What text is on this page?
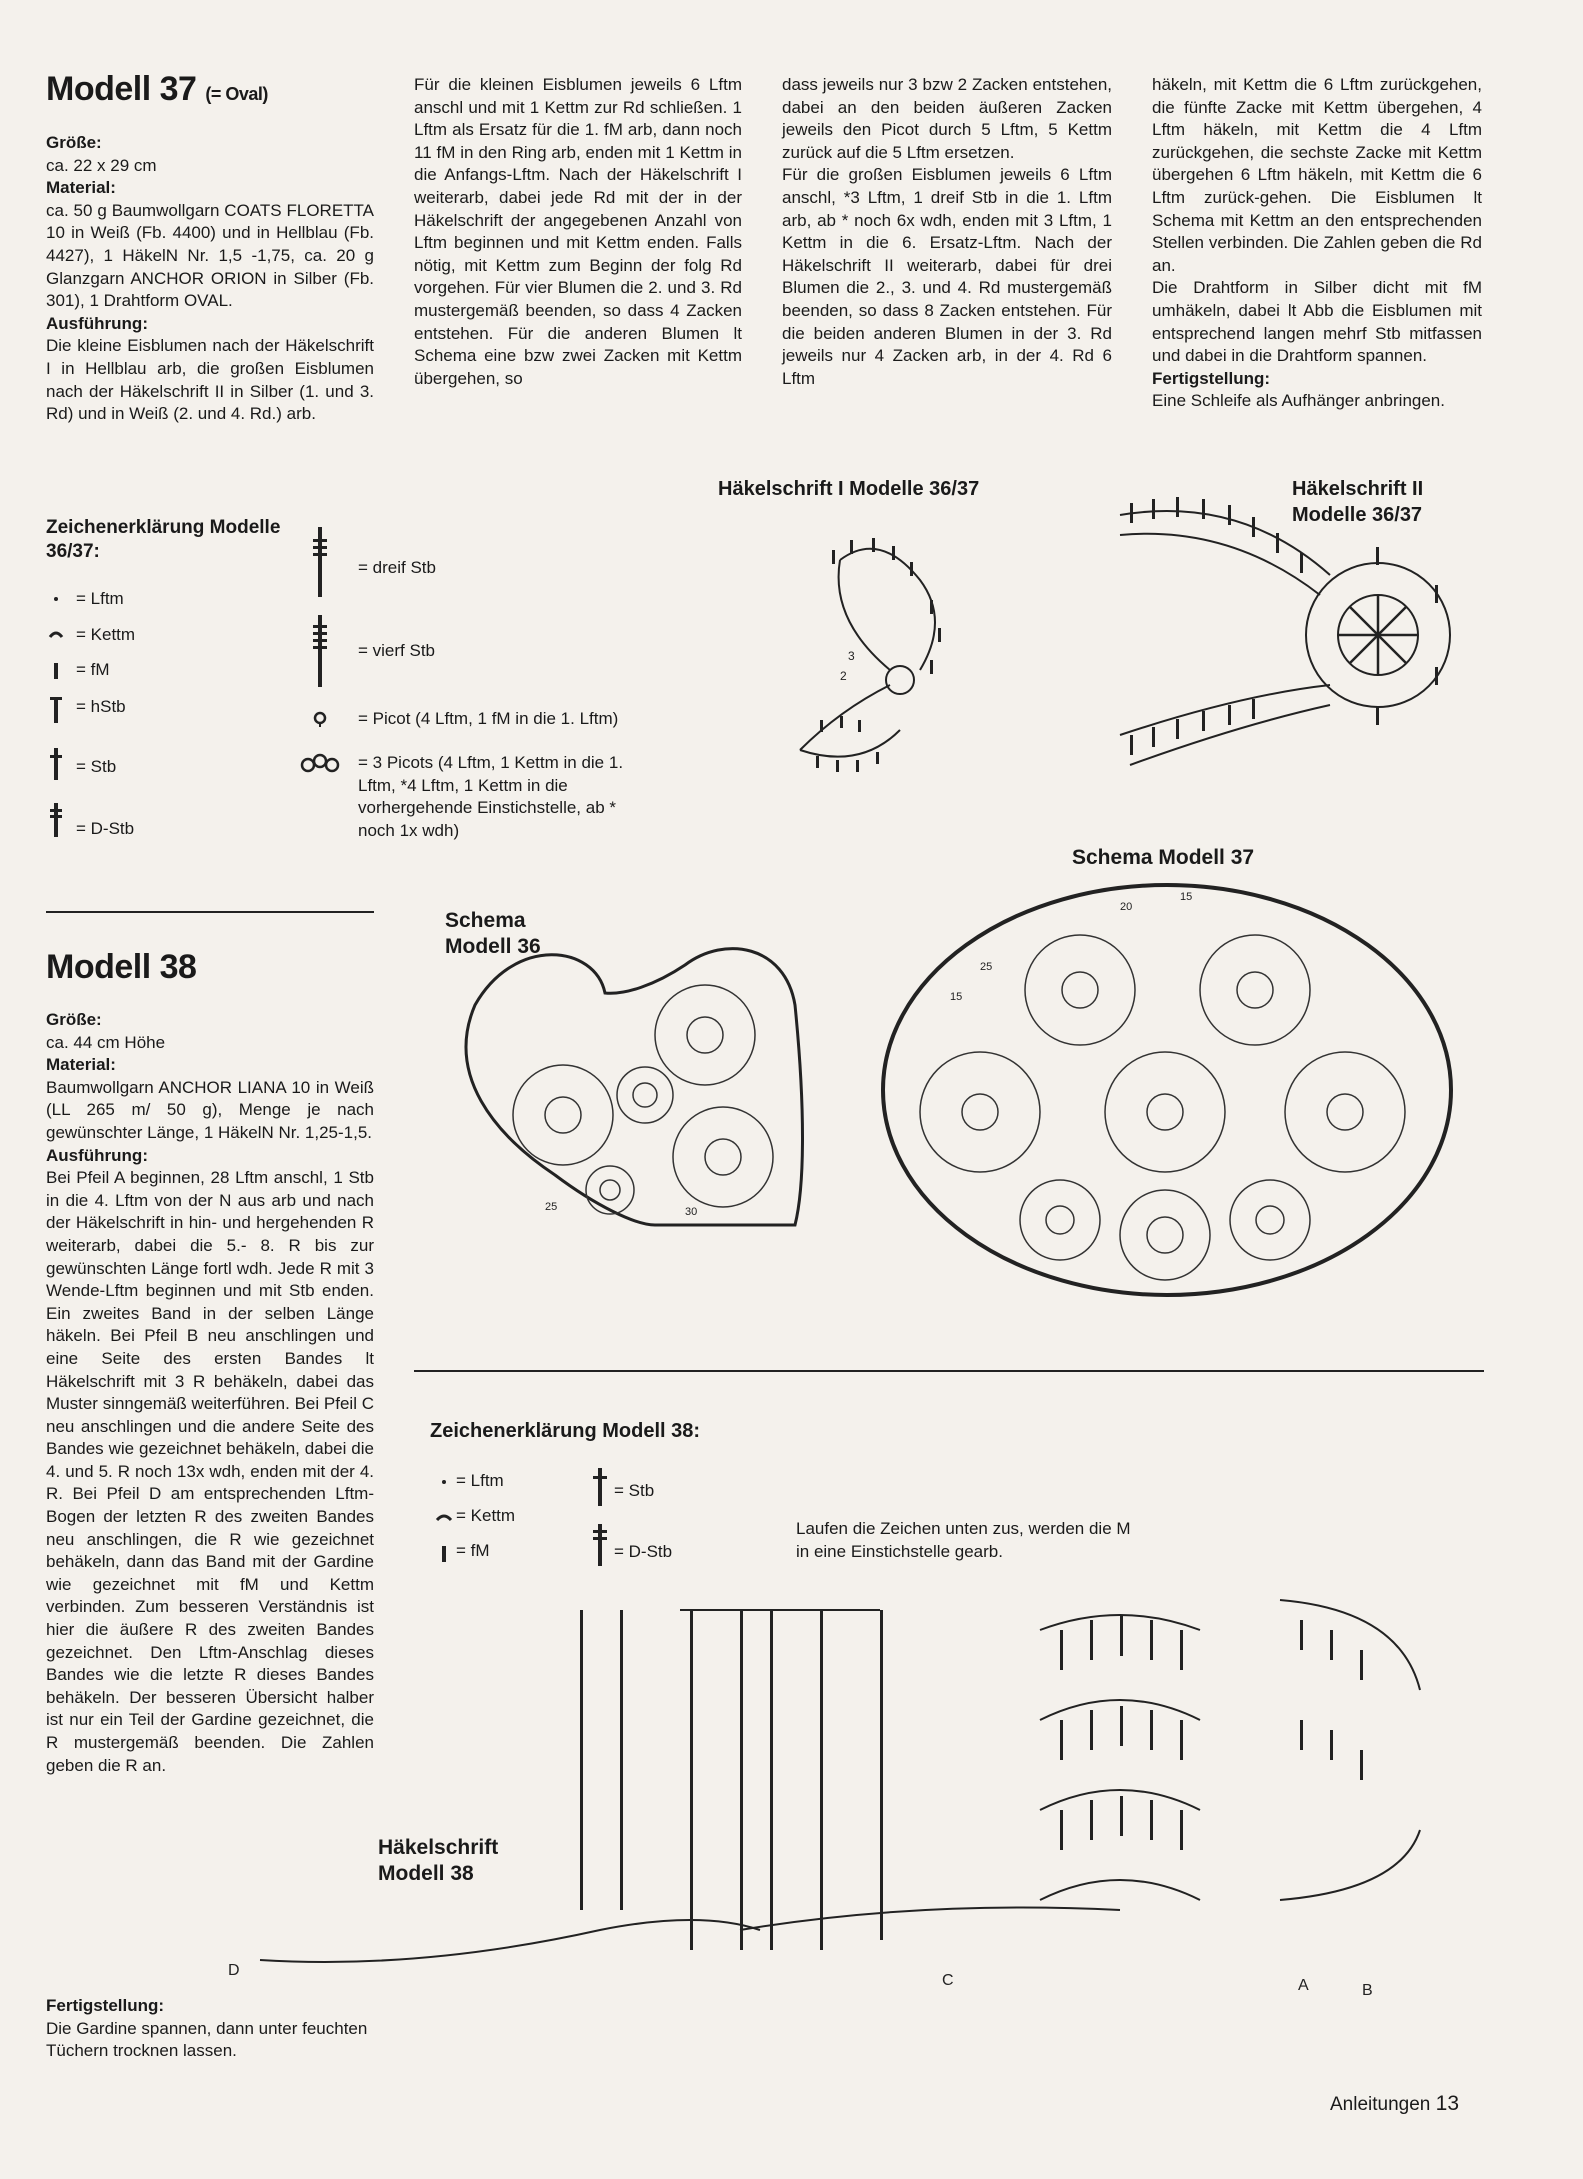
Modell 37 (= Oval)
Größe:
ca. 22 x 29 cm
Material:

ca. 50 g Baumwollgarn COATS FLORETTA 10 in Weiß (Fb. 4400) und in Hellblau (Fb. 4427), 1 HäkelN Nr. 1,5 -1,75, ca. 20 g Glanzgarn ANCHOR ORION in Silber (Fb. 301), 1 Drahtform OVAL.
Ausführung:

Die kleine Eisblumen nach der Häkelschrift I in Hellblau arb, die großen Eisblumen nach der Häkelschrift II in Silber (1. und 3. Rd) und in Weiß (2. und 4. Rd.) arb.
Für die kleinen Eisblumen jeweils 6 Lftm anschl und mit 1 Kettm zur Rd schließen. 1 Lftm als Ersatz für die 1. fM arb, dann noch 11 fM in den Ring arb, enden mit 1 Kettm in die Anfangs-Lftm. Nach der Häkelschrift I weiterarb, dabei jede Rd mit der in der Häkelschrift der angegebenen Anzahl von Lftm beginnen und mit Kettm enden. Falls nötig, mit Kettm zum Beginn der folg Rd vorgehen. Für vier Blumen die 2. und 3. Rd mustergemäß beenden, so dass 4 Zacken entstehen. Für die anderen Blumen lt Schema eine bzw zwei Zacken mit Kettm übergehen, so
dass jeweils nur 3 bzw 2 Zacken entstehen, dabei an den beiden äußeren Zacken jeweils den Picot durch 5 Lftm, 5 Kettm zurück auf die 5 Lftm ersetzen.
Für die großen Eisblumen jeweils 6 Lftm anschl, *3 Lftm, 1 dreif Stb in die 1. Lftm arb, ab * noch 6x wdh, enden mit 3 Lftm, 1 Kettm in die 6. Ersatz-Lftm. Nach der Häkelschrift II weiterarb, dabei für drei Blumen die 2., 3. und 4. Rd mustergemäß beenden, so dass 8 Zacken entstehen. Für die beiden anderen Blumen in der 3. Rd jeweils nur 4 Zacken arb, in der 4. Rd 6 Lftm
häkeln, mit Kettm die 6 Lftm zurückgehen, die fünfte Zacke mit Kettm übergehen, 4 Lftm häkeln, mit Kettm die 4 Lftm zurückgehen, die sechste Zacke mit Kettm übergehen 6 Lftm häkeln, mit Kettm die 6 Lftm zurück-gehen. Die Eisblumen lt Schema mit Kettm an den entsprechenden Stellen verbinden. Die Zahlen geben die Rd an.
Die Drahtform in Silber dicht mit fM umhäkeln, dabei lt Abb die Eisblumen mit entsprechend langen mehrf Stb mitfassen und dabei in die Drahtform spannen.
Fertigstellung:
Eine Schleife als Aufhänger anbringen.
Zeichenerklärung Modelle 36/37:
= Lftm
= Kettm
= fM
= hStb
= Stb
= D-Stb
= dreif Stb
= vierf Stb
= Picot (4 Lftm, 1 fM in die 1. Lftm)
= 3 Picots (4 Lftm, 1 Kettm in die 1. Lftm, *4 Lftm, 1 Kettm in die vorhergehende Einstichstelle, ab * noch 1x wdh)
Häkelschrift I Modelle 36/37	Häkelschrift II Modelle 36/37
Schema Modell 37
Schema Modell 36
Häkelschrift Modell 38
3
2
25	30
20
15
15
25
Modell 38
Größe:
ca. 44 cm Höhe
Material:

Baumwollgarn ANCHOR LIANA 10 in Weiß (LL 265 m/ 50 g), Menge je nach gewünschter Länge, 1 HäkelN Nr. 1,25-1,5.
Ausführung:

Bei Pfeil A beginnen, 28 Lftm anschl, 1 Stb in die 4. Lftm von der N aus arb und nach der Häkelschrift in hin- und hergehenden R weiterarb, dabei die 5.- 8. R bis zur gewünschten Länge fortl wdh. Jede R mit 3 Wende-Lftm beginnen und mit Stb enden. Ein zweites Band in der selben Länge häkeln. Bei Pfeil B neu anschlingen und eine Seite des ersten Bandes lt Häkelschrift mit 3 R behäkeln, dabei das Muster sinngemäß weiterführen. Bei Pfeil C neu anschlingen und die andere Seite des Bandes wie gezeichnet behäkeln, dabei die 4. und 5. R noch 13x wdh, enden mit der 4. R. Bei Pfeil D am entsprechenden Lftm-Bogen der letzten R des zweiten Bandes neu anschlingen, die R wie gezeichnet behäkeln, dann das Band mit der Gardine wie gezeichnet mit fM und Kettm verbinden. Zum besseren Verständnis ist hier die äußere R des zweiten Bandes gezeichnet. Den Lftm-Anschlag dieses Bandes wie die letzte R dieses Bandes behäkeln. Der besseren Übersicht halber ist nur ein Teil der Gardine gezeichnet, die R mustergemäß beenden. Die Zahlen geben die R an.
Fertigstellung:
Die Gardine spannen, dann unter feuchten Tüchern trocknen lassen.
Zeichenerklärung Modell 38:
= Lftm
= Kettm
= fM
= Stb
= D-Stb
Laufen die Zeichen unten zus, werden die M in eine Einstichstelle gearb.
D
C	A	B
Anleitungen 13
